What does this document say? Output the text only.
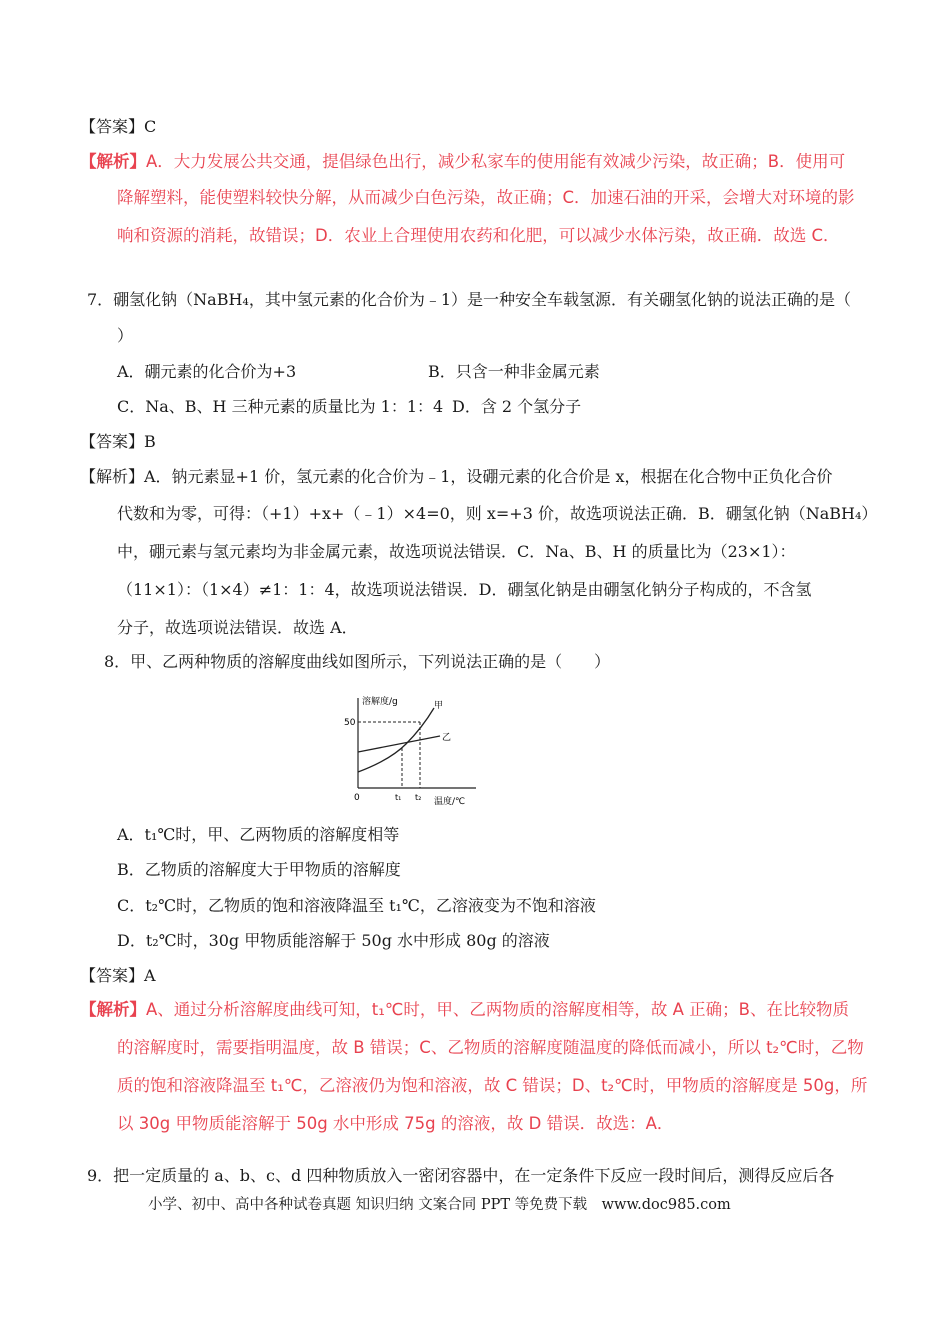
【答案】C
【解析】A．大力发展公共交通，提倡绿色出行，减少私家车的使用能有效减少污染，故正确；B．使用可
降解塑料，能使塑料较快分解，从而减少白色污染，故正确；C．加速石油的开采，会增大对环境的影
响和资源的消耗，故错误；D．农业上合理使用农药和化肥，可以减少水体污染，故正确．故选 C．
7．硼氢化钠（NaBH₄，其中氢元素的化合价为﹣1）是一种安全车载氢源．有关硼氢化钠的说法正确的是（
）
A．硼元素的化合价为+3	B．只含一种非金属元素
C．Na、B、H 三种元素的质量比为 1：1：4 D．含 2 个氢分子
【答案】B
【解析】A．钠元素显+1 价，氢元素的化合价为﹣1，设硼元素的化合价是 x，根据在化合物中正负化合价
代数和为零，可得：（+1）+x+（﹣1）×4=0，则 x=+3 价，故选项说法正确．B．硼氢化钠（NaBH₄）
中，硼元素与氢元素均为非金属元素，故选项说法错误．C．Na、B、H 的质量比为（23×1）：
（11×1）：（1×4）≠1：1：4，故选项说法错误．D．硼氢化钠是由硼氢化钠分子构成的，不含氢
分子，故选项说法错误．故选 A．
8．甲、乙两种物质的溶解度曲线如图所示，下列说法正确的是（　　）
溶解度/g
50
0	t₁ t₂ 温度/℃
甲
乙
A．t₁℃时，甲、乙两物质的溶解度相等
B．乙物质的溶解度大于甲物质的溶解度
C．t₂℃时，乙物质的饱和溶液降温至 t₁℃，乙溶液变为不饱和溶液
D．t₂℃时，30g 甲物质能溶解于 50g 水中形成 80g 的溶液
【答案】A
【解析】A、通过分析溶解度曲线可知，t₁℃时，甲、乙两物质的溶解度相等，故 A 正确；B、在比较物质
的溶解度时，需要指明温度，故 B 错误；C、乙物质的溶解度随温度的降低而减小，所以 t₂℃时，乙物
质的饱和溶液降温至 t₁℃，乙溶液仍为饱和溶液，故 C 错误；D、t₂℃时，甲物质的溶解度是 50g，所
以 30g 甲物质能溶解于 50g 水中形成 75g 的溶液，故 D 错误．故选：A．
9．把一定质量的 a、b、c、d 四种物质放入一密闭容器中，在一定条件下反应一段时间后，测得反应后各
小学、初中、高中各种试卷真题 知识归纳 文案合同 PPT 等免费下载　www.doc985.com
